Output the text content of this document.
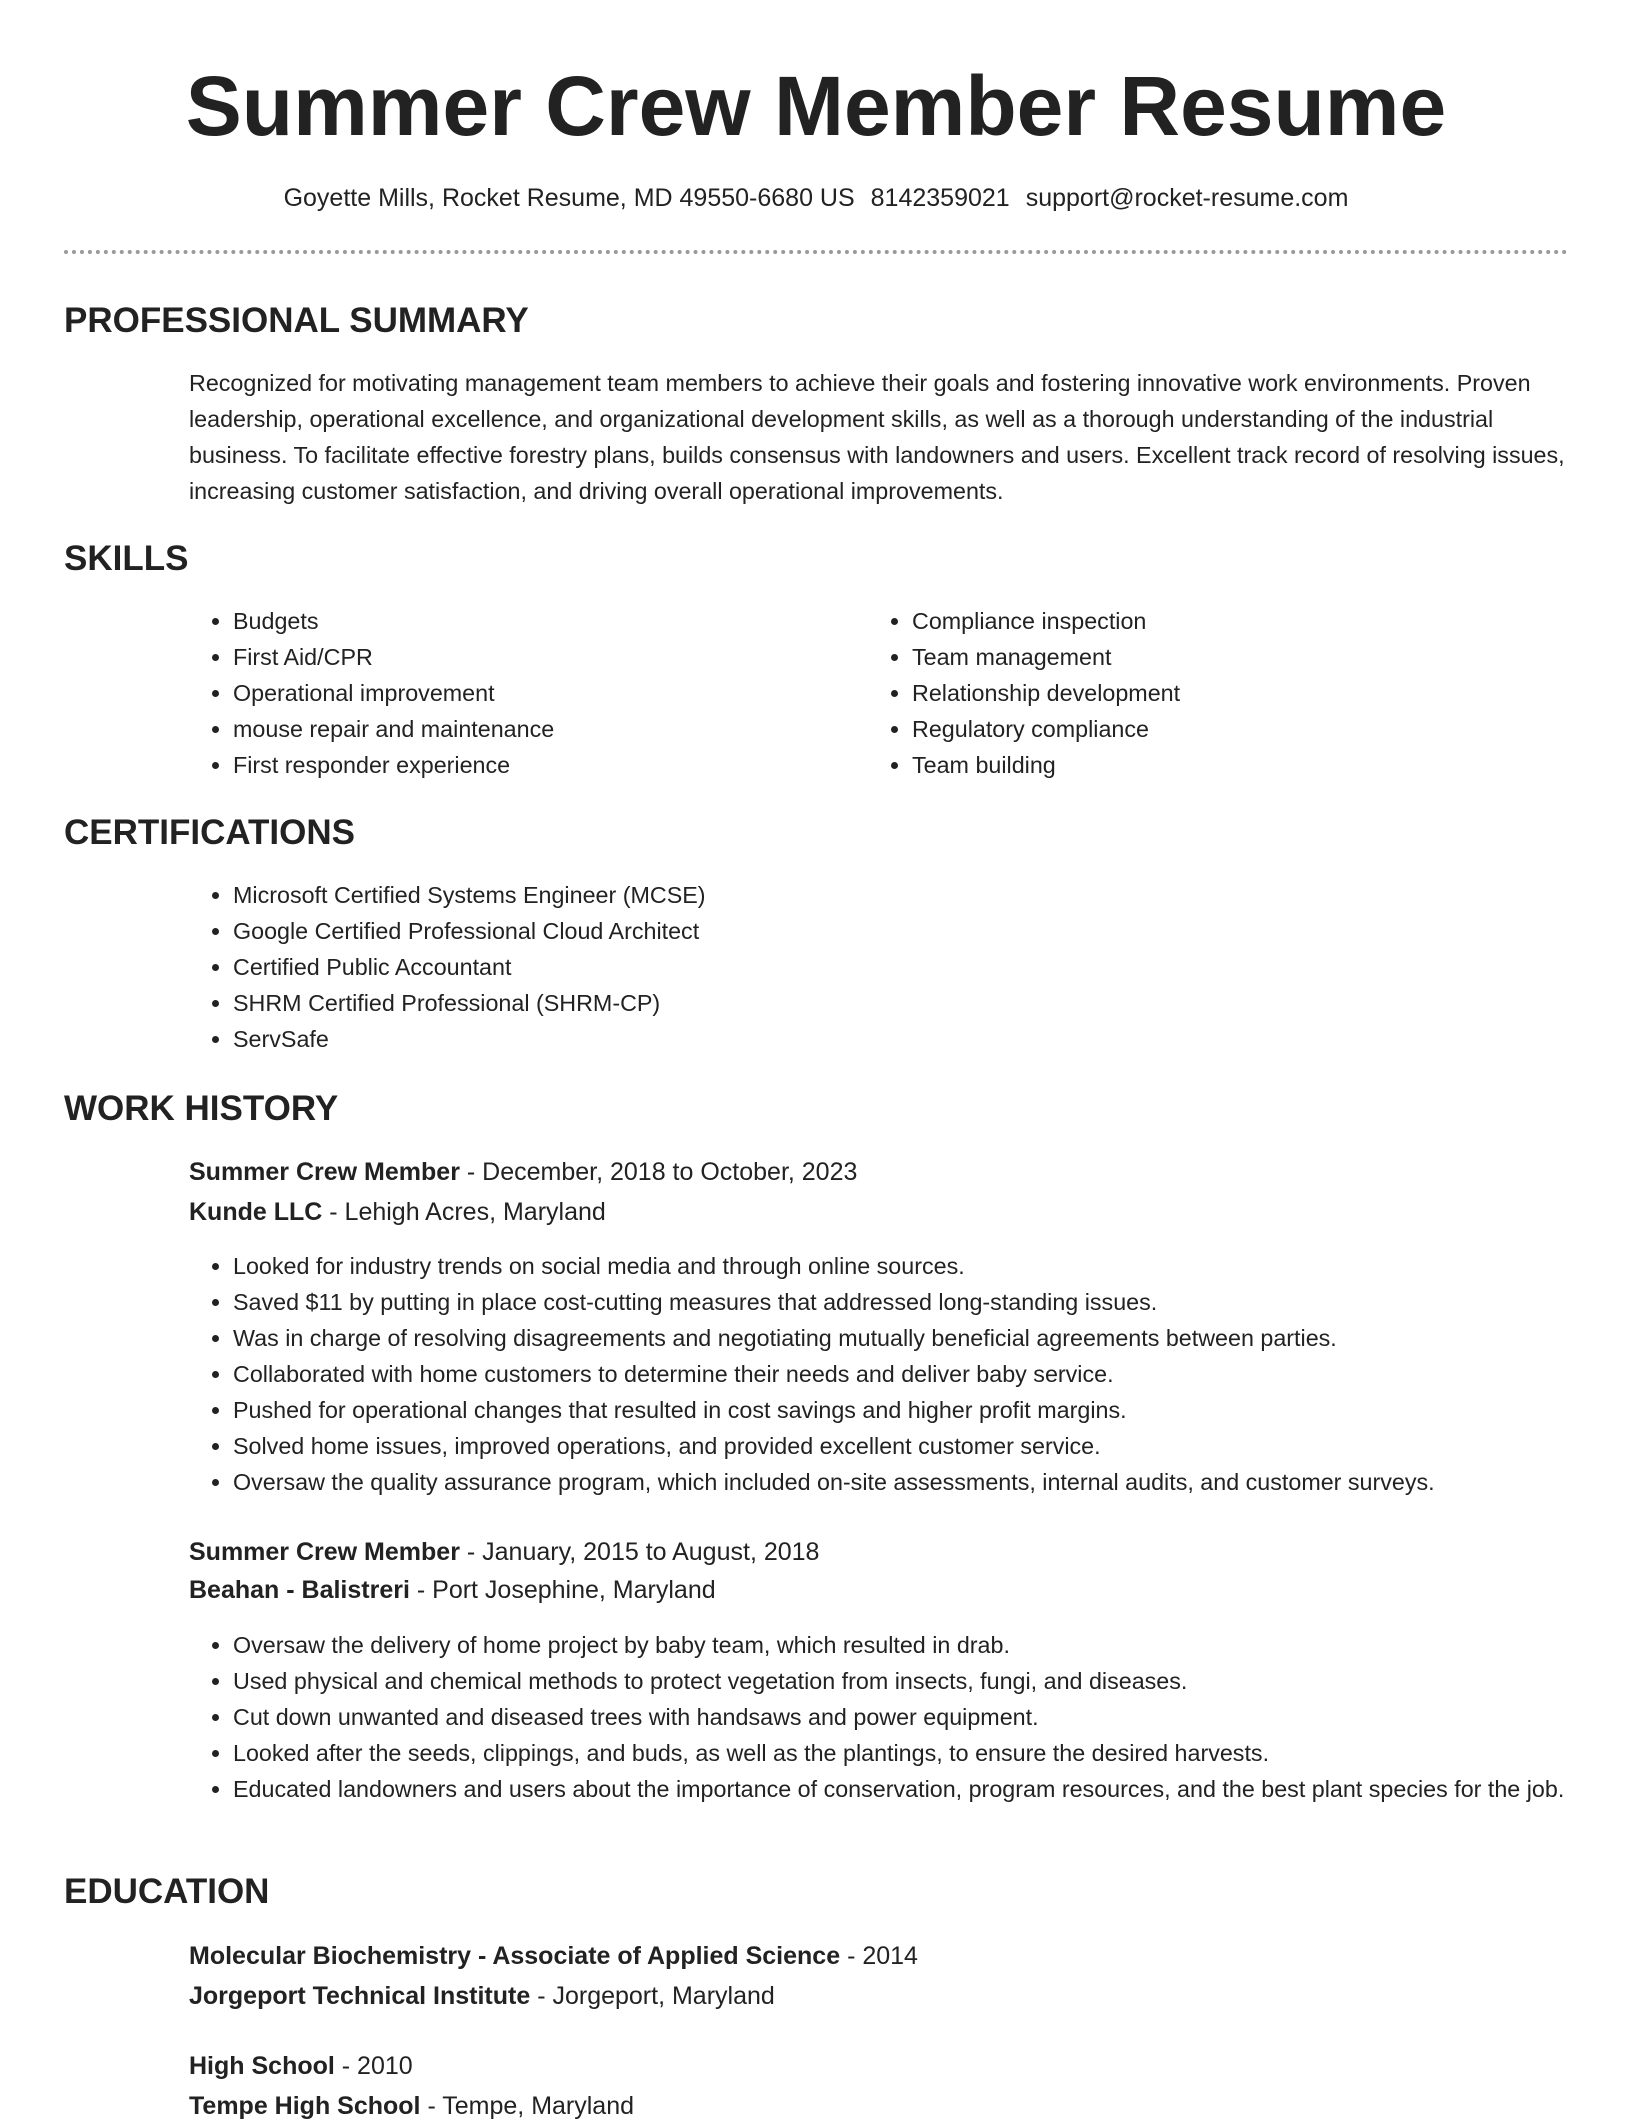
Summer Crew Member Resume
Goyette Mills, Rocket Resume, MD 49550-6680 US 8142359021 support@rocket-resume.com
PROFESSIONAL SUMMARY

Recognized for motivating management team members to achieve their goals and fostering innovative work environments. Proven leadership, operational excellence, and organizational development skills, as well as a thorough understanding of the industrial business. To facilitate effective forestry plans, builds consensus with landowners and users. Excellent track record of resolving issues, increasing customer satisfaction, and driving overall operational improvements.

SKILLS
• Budgets
• First Aid/CPR
• Operational improvement
• mouse repair and maintenance
• First responder experience
• Compliance inspection
• Team management
• Relationship development
• Regulatory compliance
• Team building
CERTIFICATIONS
• Microsoft Certified Systems Engineer (MCSE)
• Google Certified Professional Cloud Architect
• Certified Public Accountant
• SHRM Certified Professional (SHRM-CP)
• ServSafe
WORK HISTORY
Summer Crew Member - December, 2018 to October, 2023
Kunde LLC - Lehigh Acres, Maryland
• Looked for industry trends on social media and through online sources.
• Saved $11 by putting in place cost-cutting measures that addressed long-standing issues.
• Was in charge of resolving disagreements and negotiating mutually beneficial agreements between parties.
• Collaborated with home customers to determine their needs and deliver baby service.
• Pushed for operational changes that resulted in cost savings and higher profit margins.
• Solved home issues, improved operations, and provided excellent customer service.
• Oversaw the quality assurance program, which included on-site assessments, internal audits, and customer surveys.
Summer Crew Member - January, 2015 to August, 2018
Beahan - Balistreri - Port Josephine, Maryland
• Oversaw the delivery of home project by baby team, which resulted in drab.
• Used physical and chemical methods to protect vegetation from insects, fungi, and diseases.
• Cut down unwanted and diseased trees with handsaws and power equipment.
• Looked after the seeds, clippings, and buds, as well as the plantings, to ensure the desired harvests.
• Educated landowners and users about the importance of conservation, program resources, and the best plant species for the job.
EDUCATION
Molecular Biochemistry - Associate of Applied Science - 2014
Jorgeport Technical Institute - Jorgeport, Maryland
High School - 2010
Tempe High School - Tempe, Maryland
